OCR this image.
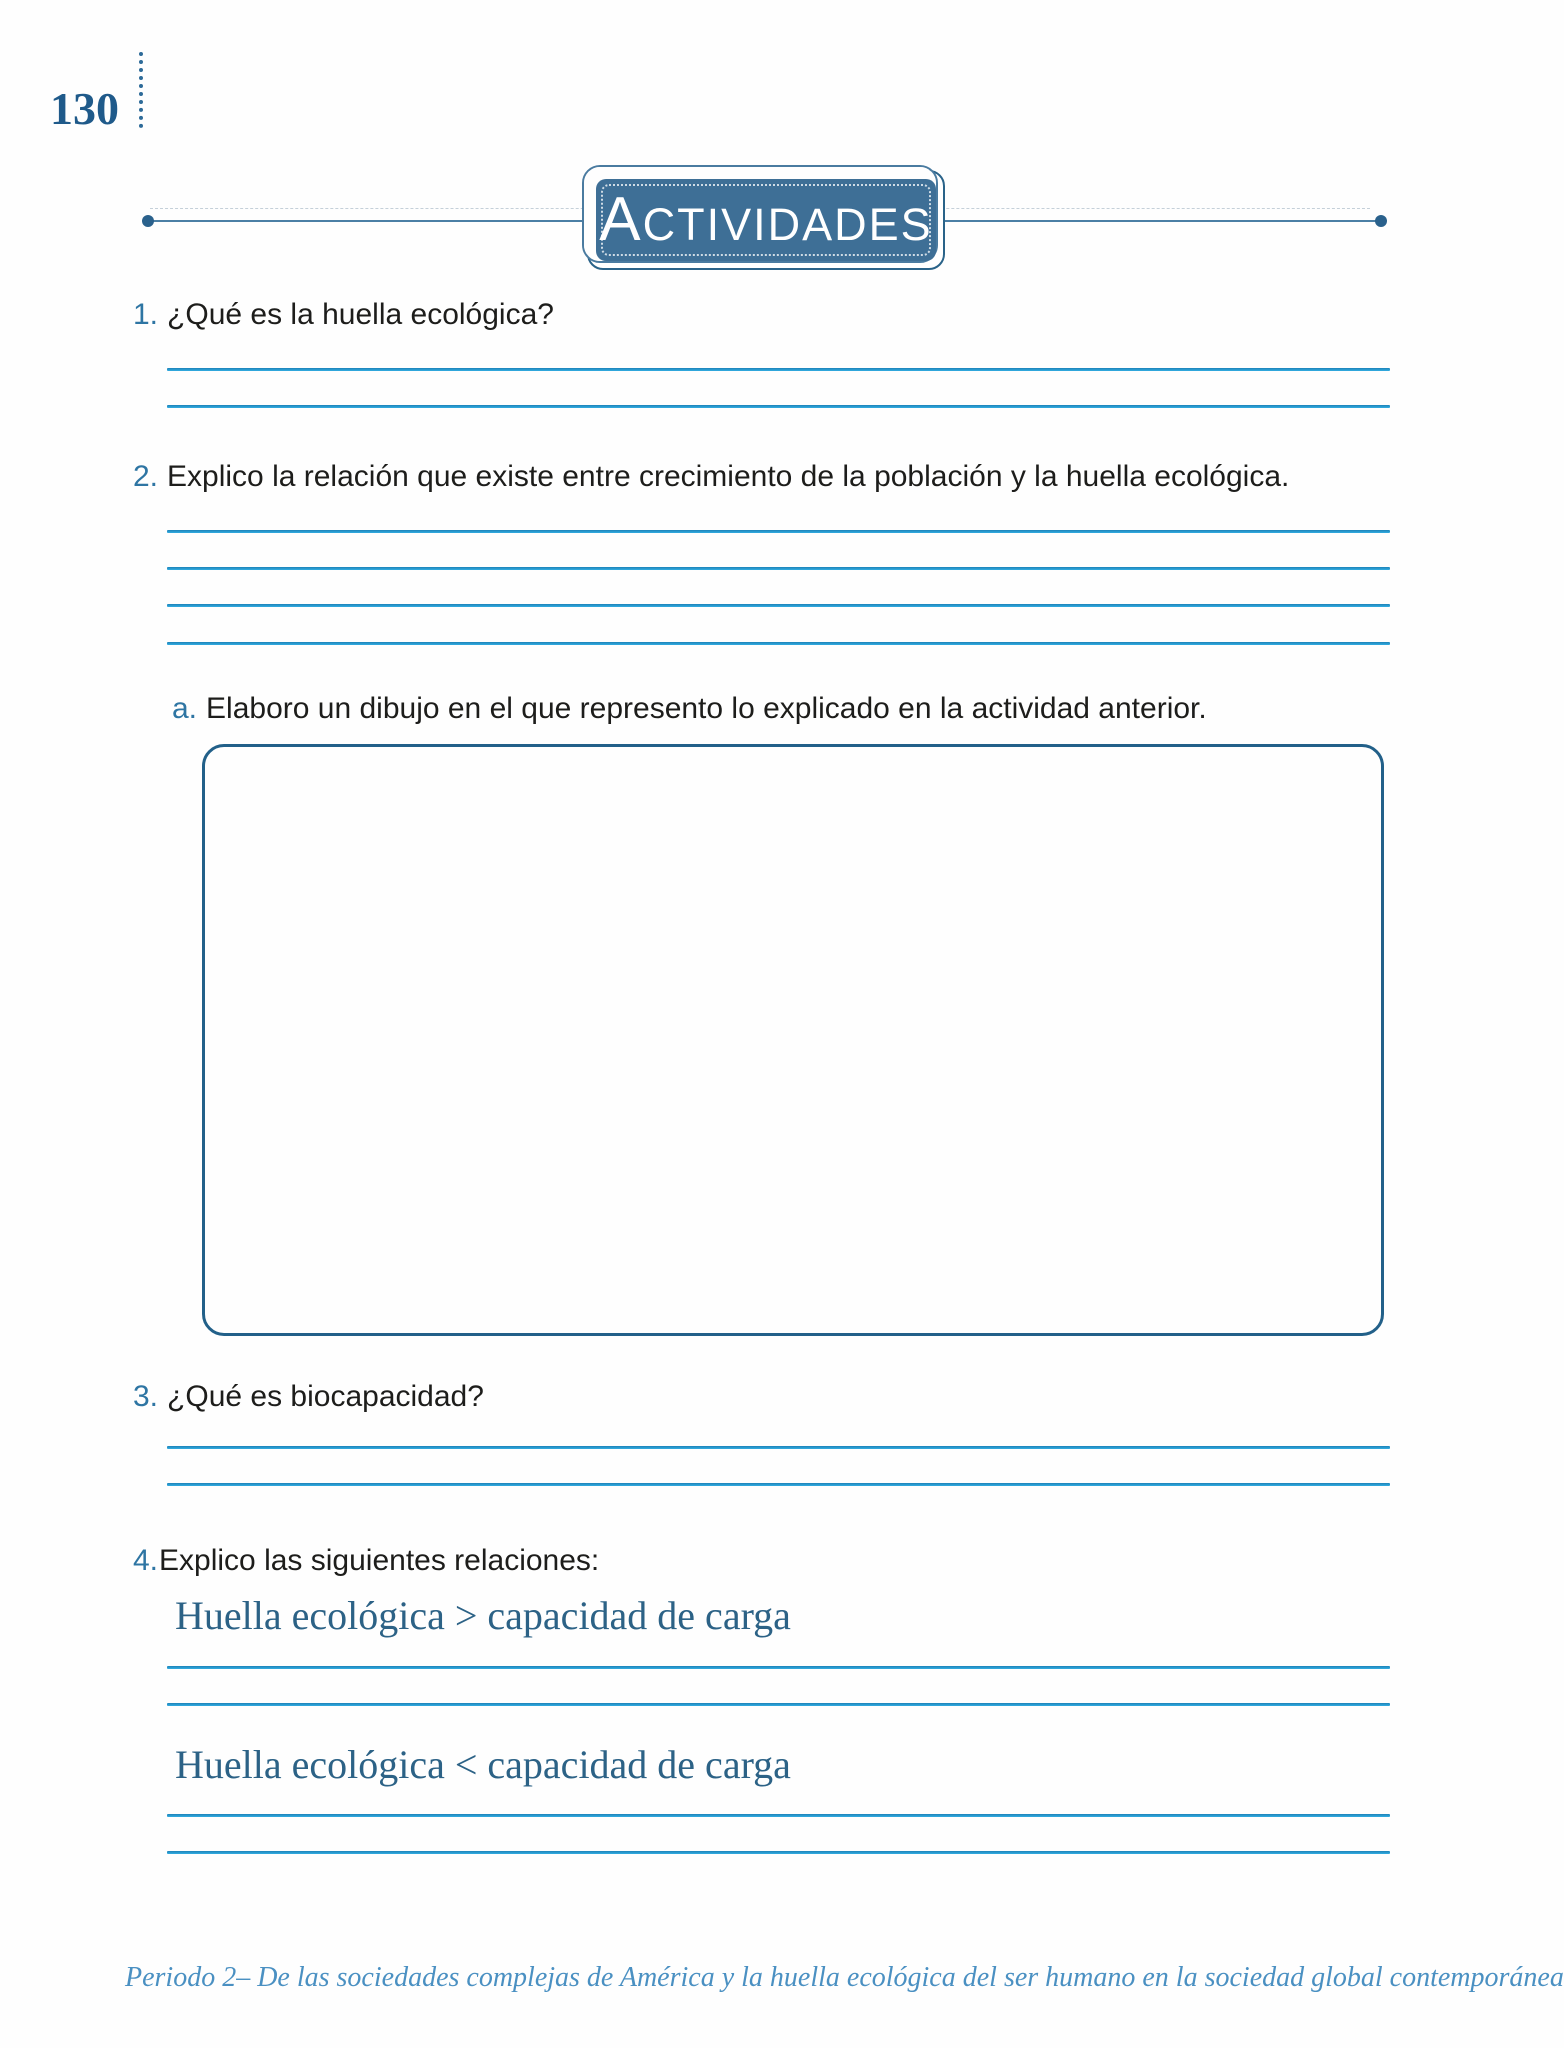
130
ACTIVIDADES

1. ¿Qué es la huella ecológica?

2. Explico la relación que existe entre crecimiento de la población y la huella ecológica.

a. Elaboro un dibujo en el que represento lo explicado en la actividad anterior.

3. ¿Qué es biocapacidad?

4.Explico las siguientes relaciones:

Huella ecológica > capacidad de carga

Huella ecológica < capacidad de carga

Periodo 2– De las sociedades complejas de América y la huella ecológica del ser humano en la sociedad global contemporánea
